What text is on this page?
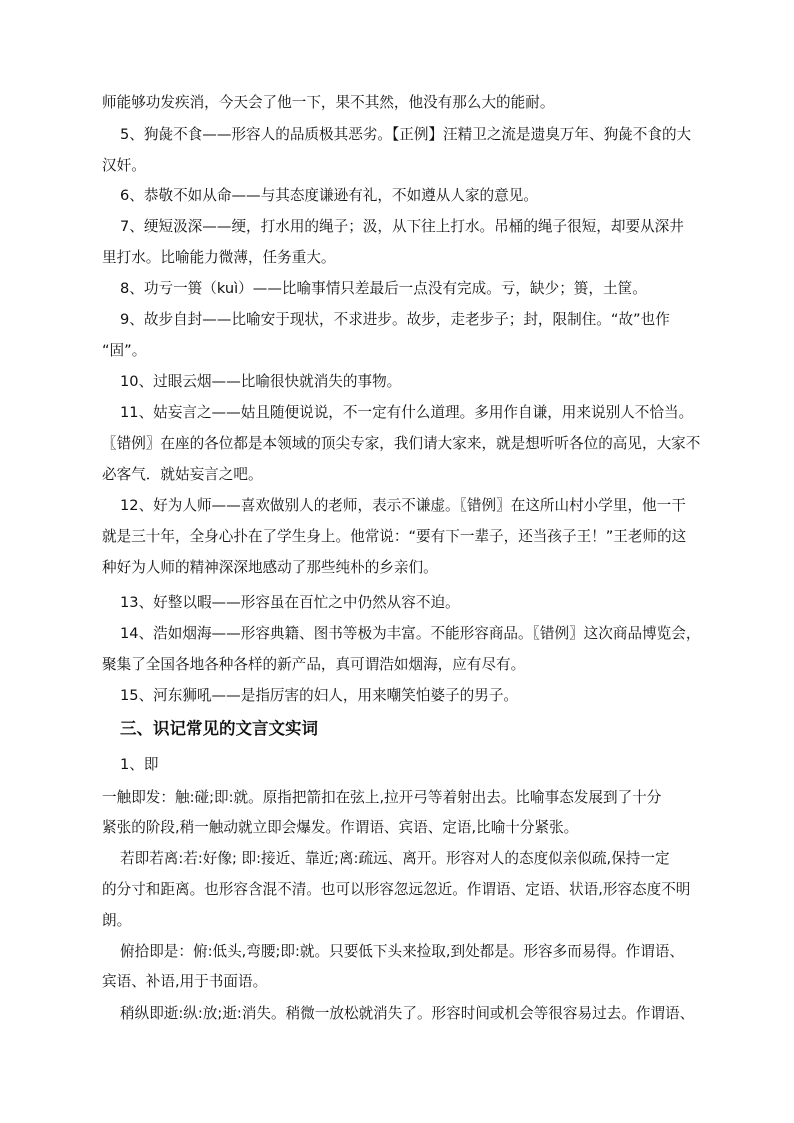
师能够功发疾消，今天会了他一下，果不其然，他没有那么大的能耐。
5、狗彘不食——形容人的品质极其恶劣。【正例】汪精卫之流是遗臭万年、狗彘不食的大
汉奸。
6、恭敬不如从命——与其态度谦逊有礼，不如遵从人家的意见。
7、绠短汲深——绠，打水用的绳子；汲，从下往上打水。吊桶的绳子很短，却要从深井
里打水。比喻能力微薄，任务重大。
8、功亏一篑（kuì）——比喻事情只差最后一点没有完成。亏，缺少；篑，土筐。
9、故步自封——比喻安于现状，不求进步。故步，走老步子；封，限制住。“故”也作
“固”。
10、过眼云烟——比喻很快就消失的事物。
11、姑妄言之——姑且随便说说，不一定有什么道理。多用作自谦，用来说别人不恰当。
〖错例〗在座的各位都是本领域的顶尖专家，我们请大家来，就是想听听各位的高见，大家不
必客气．就姑妄言之吧。
12、好为人师——喜欢做别人的老师，表示不谦虚。〖错例〗在这所山村小学里，他一干
就是三十年，全身心扑在了学生身上。他常说：“要有下一辈子，还当孩子王！”王老师的这
种好为人师的精神深深地感动了那些纯朴的乡亲们。
13、好整以暇——形容虽在百忙之中仍然从容不迫。
14、浩如烟海——形容典籍、图书等极为丰富。不能形容商品。〖错例〗这次商品博览会，
聚集了全国各地各种各样的新产品，真可谓浩如烟海，应有尽有。
15、河东狮吼——是指厉害的妇人，用来嘲笑怕婆子的男子。
三、识记常见的文言文实词
1、即
一触即发：触:碰;即:就。原指把箭扣在弦上,拉开弓等着射出去。比喻事态发展到了十分
紧张的阶段,稍一触动就立即会爆发。作谓语、宾语、定语,比喻十分紧张。
若即若离:若:好像; 即:接近、靠近;离:疏远、离开。形容对人的态度似亲似疏,保持一定
的分寸和距离。也形容含混不清。也可以形容忽远忽近。作谓语、定语、状语,形容态度不明
朗。
俯拾即是：俯:低头,弯腰;即:就。只要低下头来捡取,到处都是。形容多而易得。作谓语、
宾语、补语,用于书面语。
稍纵即逝:纵:放;逝:消失。稍微一放松就消失了。形容时间或机会等很容易过去。作谓语、
